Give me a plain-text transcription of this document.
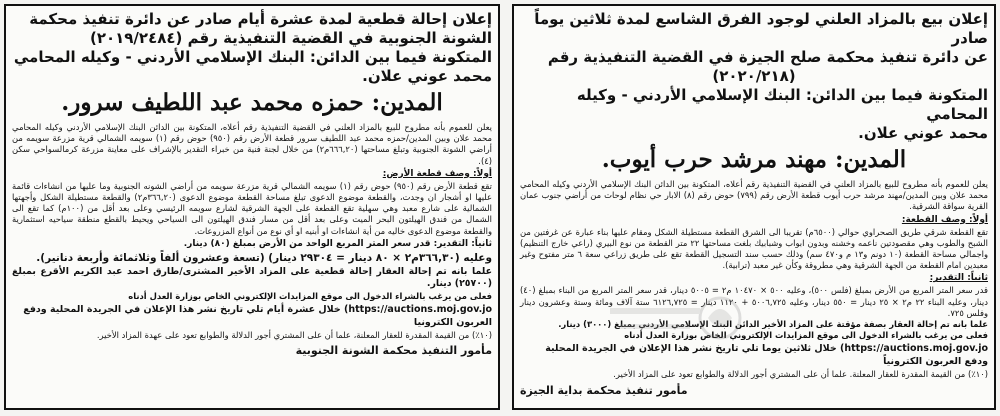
إعلان بيع بالمزاد العلني لوجود الفرق الشاسع لمدة ثلاثين يوماً صادر

عن دائرة تنفيذ محكمة صلح الجيزة في القضية التنفيذية رقم

(٢٠٢٠/٢١٨)

المتكونة فيما بين الدائن: البنك الإسلامي الأردني - وكيله المحامي

محمد عوني علان.

المدين: مهند مرشد حرب أيوب.

يعلن للعموم بأنه مطروح للبيع بالمزاد العلني في القضية التنفيذية رقم أعلاه، المتكونة بين الدائن البنك الإسلامي الأردني وكيله المحامي محمد علان وبين المدين/مهند مرشد حرب أيوب قطعة الأرض رقم (٧٩٩) حوض رقم (٨) الابار حي نظام لوحات من أراضي جنوب عمان القرية سواقة الشرقية.

أولاً: وصف القطعة:

تقع القطعة شرقي طريق الصحراوي حوالي (٦٥٠٠م) تقريبا الى الشرق القطعة مستطيلة الشكل ومقام عليها بناء عبارة عن غرفتين من الشبح والطوب وهي مقصودتين ناعمه وخشنه وبدون ابواب وشبابيك بلغت مساحتها ٢٢ متر القطعة من نوع البيري (راعي خارج التنظيم) واجمالي مساحة القطعة (١٠ دونم و١٣ م و٤٧٠ سم) وذلك حسب سند التسجيل القطعة تقع على طريق زراعي سعة ٦ متر مفتوح وغير معبدين امام القطعة من الجهة الشرقية وهي مطروقة وكأن غير معبد (ترابية).

ثانياً: التقدير:

قدر سعر المتر المربع من الأرض بمبلغ (فلس ٥٠٠)، وعليه ٥٠٠ × ١٠٤٧٠ م٢ = ٥٠٠٥ دينار، قدر سعر المتر المربع من البناء بمبلغ (٤٠) دينار، وعليه البناء ٢٢ م٢ × ٢٥ دينار = ٥٥٠ دينار، وعليه ٥٠٠٦,٧٢٥ + ١١٢٠ دينار = ٦١٢٦,٧٢٥ ستة آلاف ومائة وستة وعشرون دينار وفلس ٧٢٥.

علما بانه تم إحالة العقار بصفة مؤقتة على المزاد الأخير الدائن البنك الإسلامي الأردني بمبلغ (٣٠٠٠) دينار.

فعلى من يرغب بالشراء الدخول الى موقع المزايدات الإلكتروني الخاص بوزارة العدل أدناه

https://auctions.moj.gov.jo) خلال ثلاثين يوما تلي تاريخ نشر هذا الإعلان في الجريدة المحلية ودفع العربون الكترونياً

(١٠٪) من القيمة المقدرة للعقار المعلنة. علما أن على المشتري أجور الدلالة والطوابع تعود على المزاد الأخير.

مأمور تنفيذ محكمة بداية الجيزة

إعلان إحالة قطعية لمدة عشرة أيام صادر عن دائرة تنفيذ محكمة

الشونة الجنوبية في القضية التنفيذية رقم (٢٠١٩/٢٤٨٤)

المتكونة فيما بين الدائن: البنك الإسلامي الأردني - وكيله المحامي

محمد عوني علان.

المدين: حمزه محمد عبد اللطيف سرور.

يعلن للعموم بأنه مطروح للبيع بالمزاد العلني في القضية التنفيذية رقم أعلاه، المتكونة بين الدائن البنك الإسلامي الأردني وكيله المحامي محمد علان وبين المدين/حمزه محمد عبد اللطيف سرور قطعة الأرض رقم (٩٥٠) حوض رقم (١) سويمه الشمالي قرية مزرعة سويمه من أراضي الشونة الجنوبية وتبلغ مساحتها (٦٦٦,٢٠م٢) من خلال لجنة فنية من خبراء التقدير بالإشراف على معاينة مزرعة كرمالسواحي سكن (٤).

أولاً: وصف قطعة الأرض:

تقع قطعة الأرض رقم (٩٥٠) حوض رقم (١) سويمه الشمالي قرية مزرعة سويمه من أراضي الشونه الجنوبية وما عليها من انشاءات قائمة عليها او أشجار ان وجدت، والقطعة موضوع الدعوى تبلغ مساحة القطعة موضوع الدعوى (٣٦٦,٢٠م٢) والقطعة مستطيلة الشكل وأجهتها الشمالية على شارع معبد وهي سهلية تقع القطعة على الجهة الشرقية لشارع سويمه الرئيسي وعلى بعد أقل من (١٠٠م) كما تقع الى الشمال من فندق الهيلتون البحر الميت وعلى بعد أقل من مسار فندق الهيلتون الى السياحي ويحيط بالقطع منطقة سياحيه استثمارية والقطعة موضوع الدعوى خاليه من أية انشاءات او أبنيه او أي نوع من أنواع المزروعات.

ثانياً: التقدير: قدر سعر المتر المربع الواحد من الأرض بمبلغ (٨٠) دينار.

وعليه (٣٦٦,٣٠م٢ × ٨٠ دينار = ٢٩٣٠٤ دينار) (تسعة وعشرون ألفاً وثلاثمائة وأربعة دنانير).

علما بانه تم إحالة العقار إحالة قطعية على المزاد الأخير المشترى/طارق احمد عبد الكريم الأقرع بمبلغ (٢٥٧٠٠) دينار.

فعلى من يرغب بالشراء الدخول الى موقع المزايدات الإلكتروني الخاص بوزارة العدل أدناه

https://auctions.moj.gov.jo) خلال عشرة أيام تلي تاريخ نشر هذا الإعلان في الجريدة المحلية ودفع العربون الكترونيا

(١٠٪) من القيمة المقدرة للعقار المعلنة، علما أن على المشتري أجور الدلالة والطوابع تعود على عهدة المزاد الأخير.

مأمور التنفيذ محكمة الشونة الجنوبية
